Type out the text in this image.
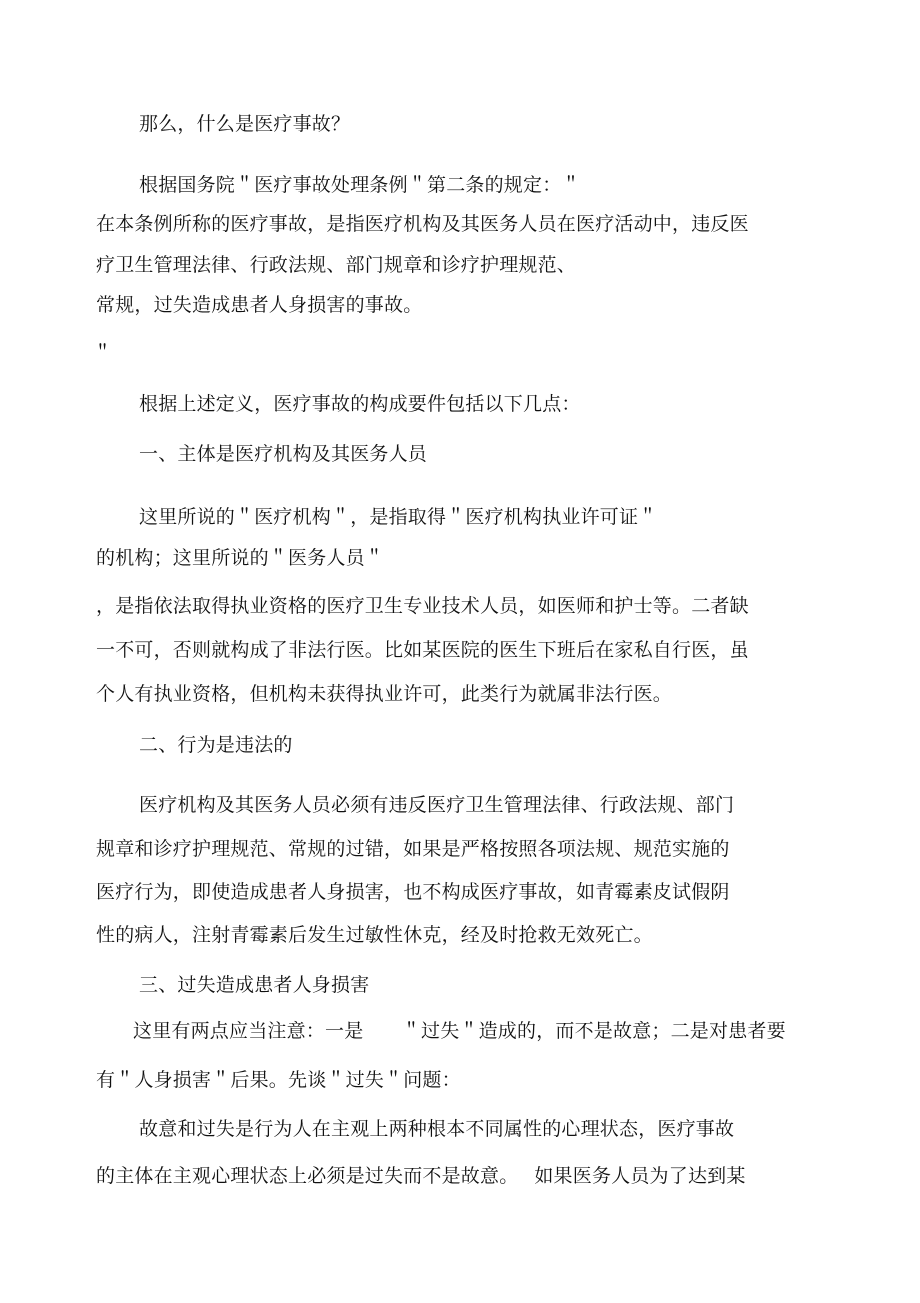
那么，什么是医疗事故？
根据国务院＂医疗事故处理条例＂第二条的规定：＂
在本条例所称的医疗事故，是指医疗机构及其医务人员在医疗活动中，违反医
疗卫生管理法律、行政法规、部门规章和诊疗护理规范、
常规，过失造成患者人身损害的事故。
＂
根据上述定义，医疗事故的构成要件包括以下几点：
一、主体是医疗机构及其医务人员
这里所说的＂医疗机构＂，是指取得＂医疗机构执业许可证＂
的机构；这里所说的＂医务人员＂
，是指依法取得执业资格的医疗卫生专业技术人员，如医师和护士等。二者缺
一不可，否则就构成了非法行医。比如某医院的医生下班后在家私自行医，虽
个人有执业资格，但机构未获得执业许可，此类行为就属非法行医。
二、行为是违法的
医疗机构及其医务人员必须有违反医疗卫生管理法律、行政法规、部门
规章和诊疗护理规范、常规的过错，如果是严格按照各项法规、规范实施的
医疗行为，即使造成患者人身损害，也不构成医疗事故，如青霉素皮试假阴
性的病人，注射青霉素后发生过敏性休克，经及时抢救无效死亡。
三、过失造成患者人身损害
这里有两点应当注意：一是　　＂过失＂造成的，而不是故意；二是对患者要
有＂人身损害＂后果。先谈＂过失＂问题：
故意和过失是行为人在主观上两种根本不同属性的心理状态，医疗事故
的主体在主观心理状态上必须是过失而不是故意。　 如果医务人员为了达到某
